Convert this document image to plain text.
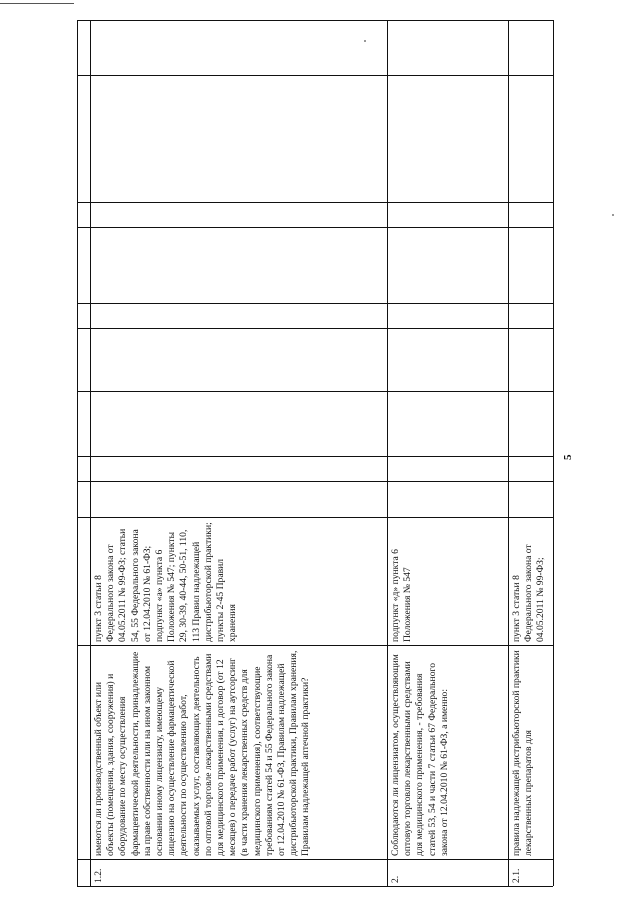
5
1.2.
пункт 3 статьи 8 Федерального закона от 04.05.2011 № 99-ФЗ; статьи 54, 55 Федерального закона от 12.04.2010 № 61-ФЗ; подпункт «а» пункта 6 Положения № 547; пункты 29, 30-39, 40-44, 50-51, 110, 113 Правил надлежащей дистрибьюторской практики; пункты 2-45 Правил хранения
2.
подпункт «д» пункта 6 Положения № 547
2.1.
пункт 3 статьи 8 Федерального закона от 04.05.2011 № 99-ФЗ;
имеются ли производственный объект или объекты (помещения, здания, сооружения) и оборудование по месту осуществления фармацевтической деятельности, принадлежащие на праве собственности или на ином законном основании иному лицензиату, имеющему лицензию на осуществление фармацевтической деятельности по осуществлению работ, оказываемых услуг, составляющих деятельность по оптовой торговле лекарственными средствами для медицинского применения, и договор (от 12 месяцев) о передаче работ (услуг) на аутсорсинг (в части хранения лекарственных средств для медицинского применения), соответствующие требованиям статей 54 и 55 Федерального закона от 12.04.2010 № 61-ФЗ, Правилам надлежащей дистрибьюторской практики, Правилам хранения, Правилам надлежащей аптечной практики?	Соблюдаются ли лицензиатом, осуществляющим оптовую торговлю лекарственными средствами для медицинского применения, - требования статей 53, 54 и части 7 статьи 67 Федерального закона от 12.04.2010 № 61-ФЗ, а именно:	правила надлежащей дистрибьюторской практики лекарственных препаратов для
